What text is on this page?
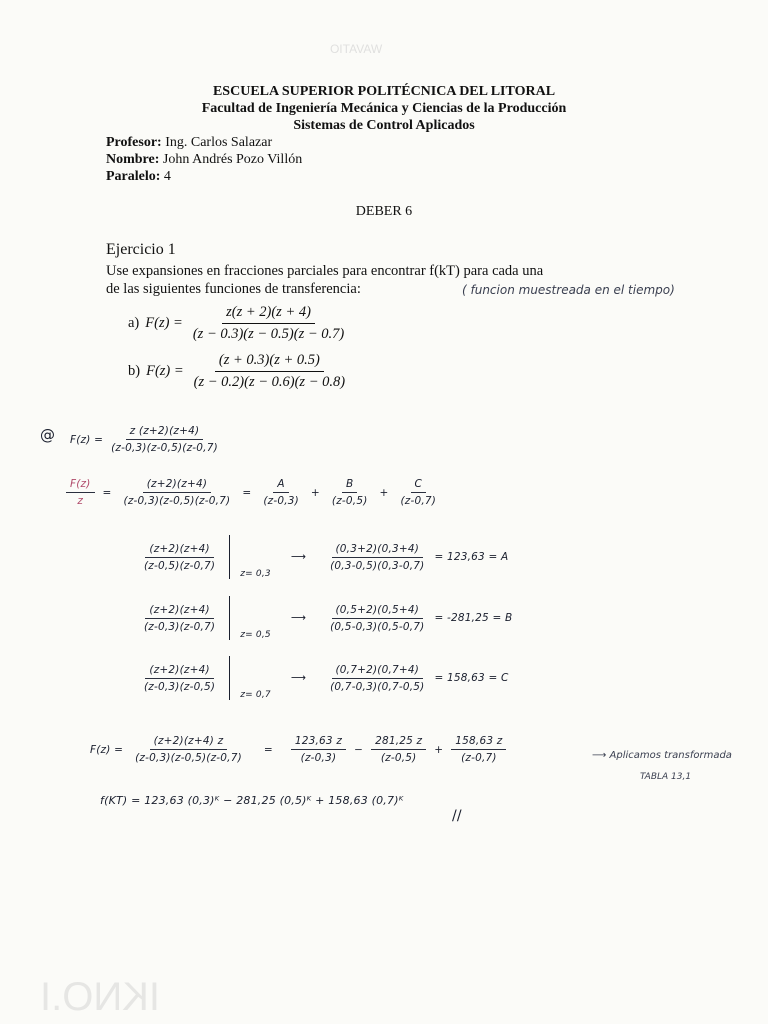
WAVATIO
IKNO.I
ESCUELA SUPERIOR POLITÉCNICA DEL LITORAL
Facultad de Ingeniería Mecánica y Ciencias de la Producción
Sistemas de Control Aplicados
Profesor: Ing. Carlos Salazar
Nombre: John Andrés Pozo Villón
Paralelo: 4
DEBER 6
Ejercicio 1
Use expansiones en fracciones parciales para encontrar f(kT) para cada una
de las siguientes funciones de transferencia:	( funcion muestreada en el tiempo)
a) $F(z) = \frac{z(z + 2)(z + 4)}{(z - 0.3)(z - 0.5)(z - 0.7)}$
b) $F(z) = \frac{(z + 0.3)(z + 0.5)}{(z - 0.2)(z - 0.6)(z - 0.8)}$
@ $F(z) = \frac{z (z+2)(z+4)}{(z-0,3)(z-0,5)(z-0,7)}$
$\frac{F(z)}{z} = \frac{(z+2)(z+4)}{(z-0,3)(z-0,5)(z-0,7)} = \frac{A}{(z-0,3)} + \frac{B}{(z-0,5)} + \frac{C}{(z-0,7)}$
$\frac{(z+2)(z+4)}{(z-0,5)(z-0,7)}$
z= 0,3
⟶ $\frac{(0,3+2)(0,3+4)}{(0,3-0,5)(0,3-0,7)} = 123,63 = A$
$\frac{(z+2)(z+4)}{(z-0,3)(z-0,7)}$
z= 0,5
⟶ $\frac{(0,5+2)(0,5+4)}{(0,5-0,3)(0,5-0,7)} = -281,25 = B$
$\frac{(z+2)(z+4)}{(z-0,3)(z-0,5)}$
z= 0,7
⟶ $\frac{(0,7+2)(0,7+4)}{(0,7-0,3)(0,7-0,5)} = 158,63 = C$
$F(z) = \frac{(z+2)(z+4) z}{(z-0,3)(z-0,5)(z-0,7)} = \frac{123,63 z}{(z-0,3)} - \frac{281,25 z}{(z-0,5)} + \frac{158,63 z}{(z-0,7)}$	⟶ Aplicamos transformada
TABLA 13,1
f(KT) = 123,63 (0,3)ᴷ − 281,25 (0,5)ᴷ + 158,63 (0,7)ᴷ
//
